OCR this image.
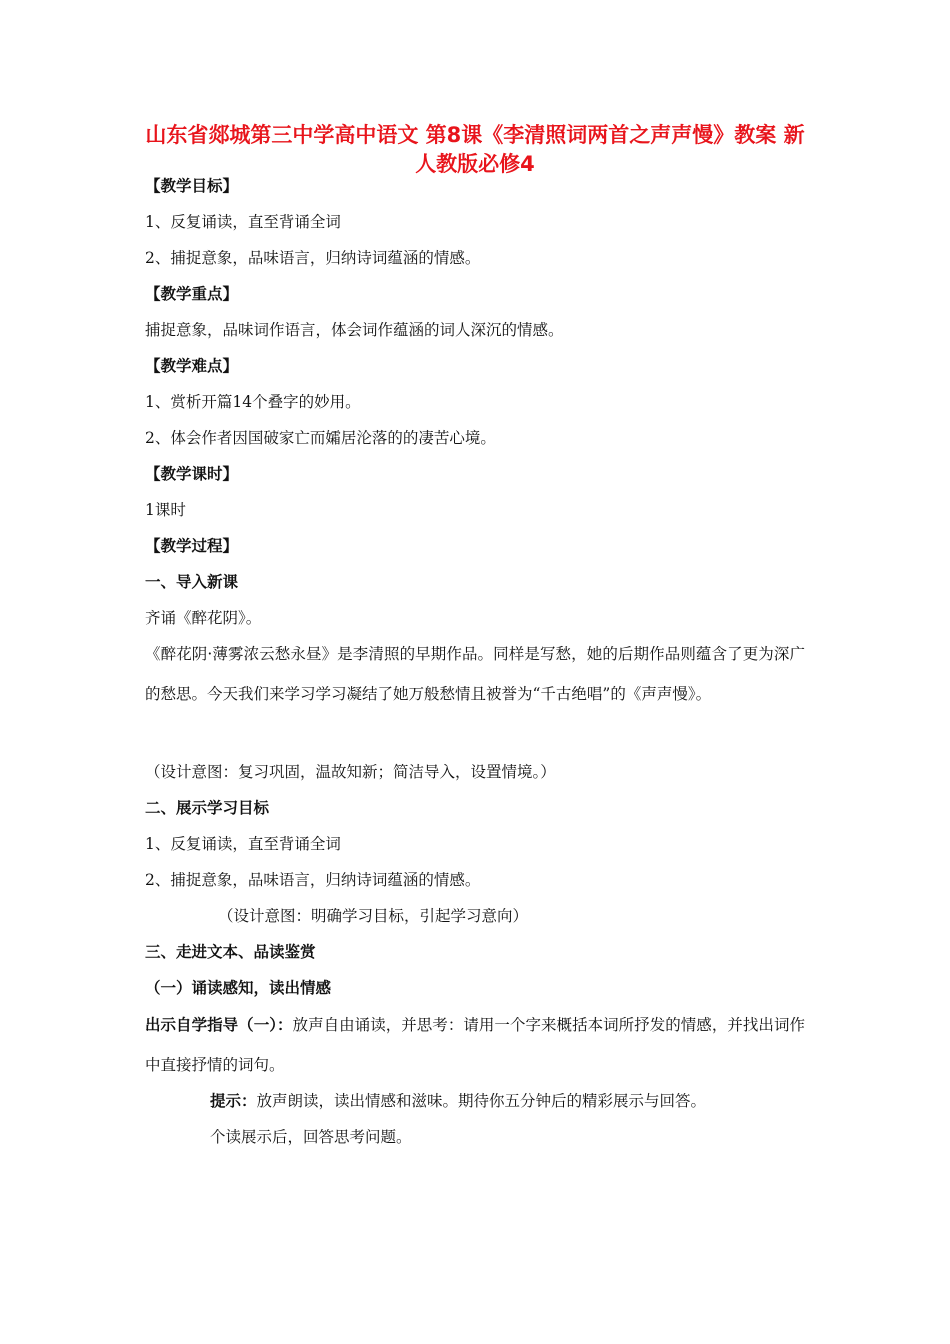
山东省郯城第三中学高中语文 第8课《李清照词两首之声声慢》教案 新人教版必修4

【教学目标】

1、反复诵读，直至背诵全词

2、捕捉意象，品味语言，归纳诗词蕴涵的情感。

【教学重点】

捕捉意象，品味词作语言，体会词作蕴涵的词人深沉的情感。

【教学难点】

1、赏析开篇14个叠字的妙用。

2、体会作者因国破家亡而孀居沦落的的凄苦心境。

【教学课时】

1课时

【教学过程】

一、导入新课

齐诵《醉花阴》。

《醉花阴·薄雾浓云愁永昼》是李清照的早期作品。同样是写愁，她的后期作品则蕴含了更为深广的愁思。今天我们来学习学习凝结了她万般愁情且被誉为“千古绝唱”的《声声慢》。

（设计意图：复习巩固，温故知新；简洁导入，设置情境。）

二、展示学习目标

1、反复诵读，直至背诵全词

2、捕捉意象，品味语言，归纳诗词蕴涵的情感。

（设计意图：明确学习目标，引起学习意向）

三、走进文本、品读鉴赏

（一）诵读感知，读出情感

出示自学指导（一）：放声自由诵读，并思考：请用一个字来概括本词所抒发的情感，并找出词作中直接抒情的词句。

提示：放声朗读，读出情感和滋味。期待你五分钟后的精彩展示与回答。

个读展示后，回答思考问题。
